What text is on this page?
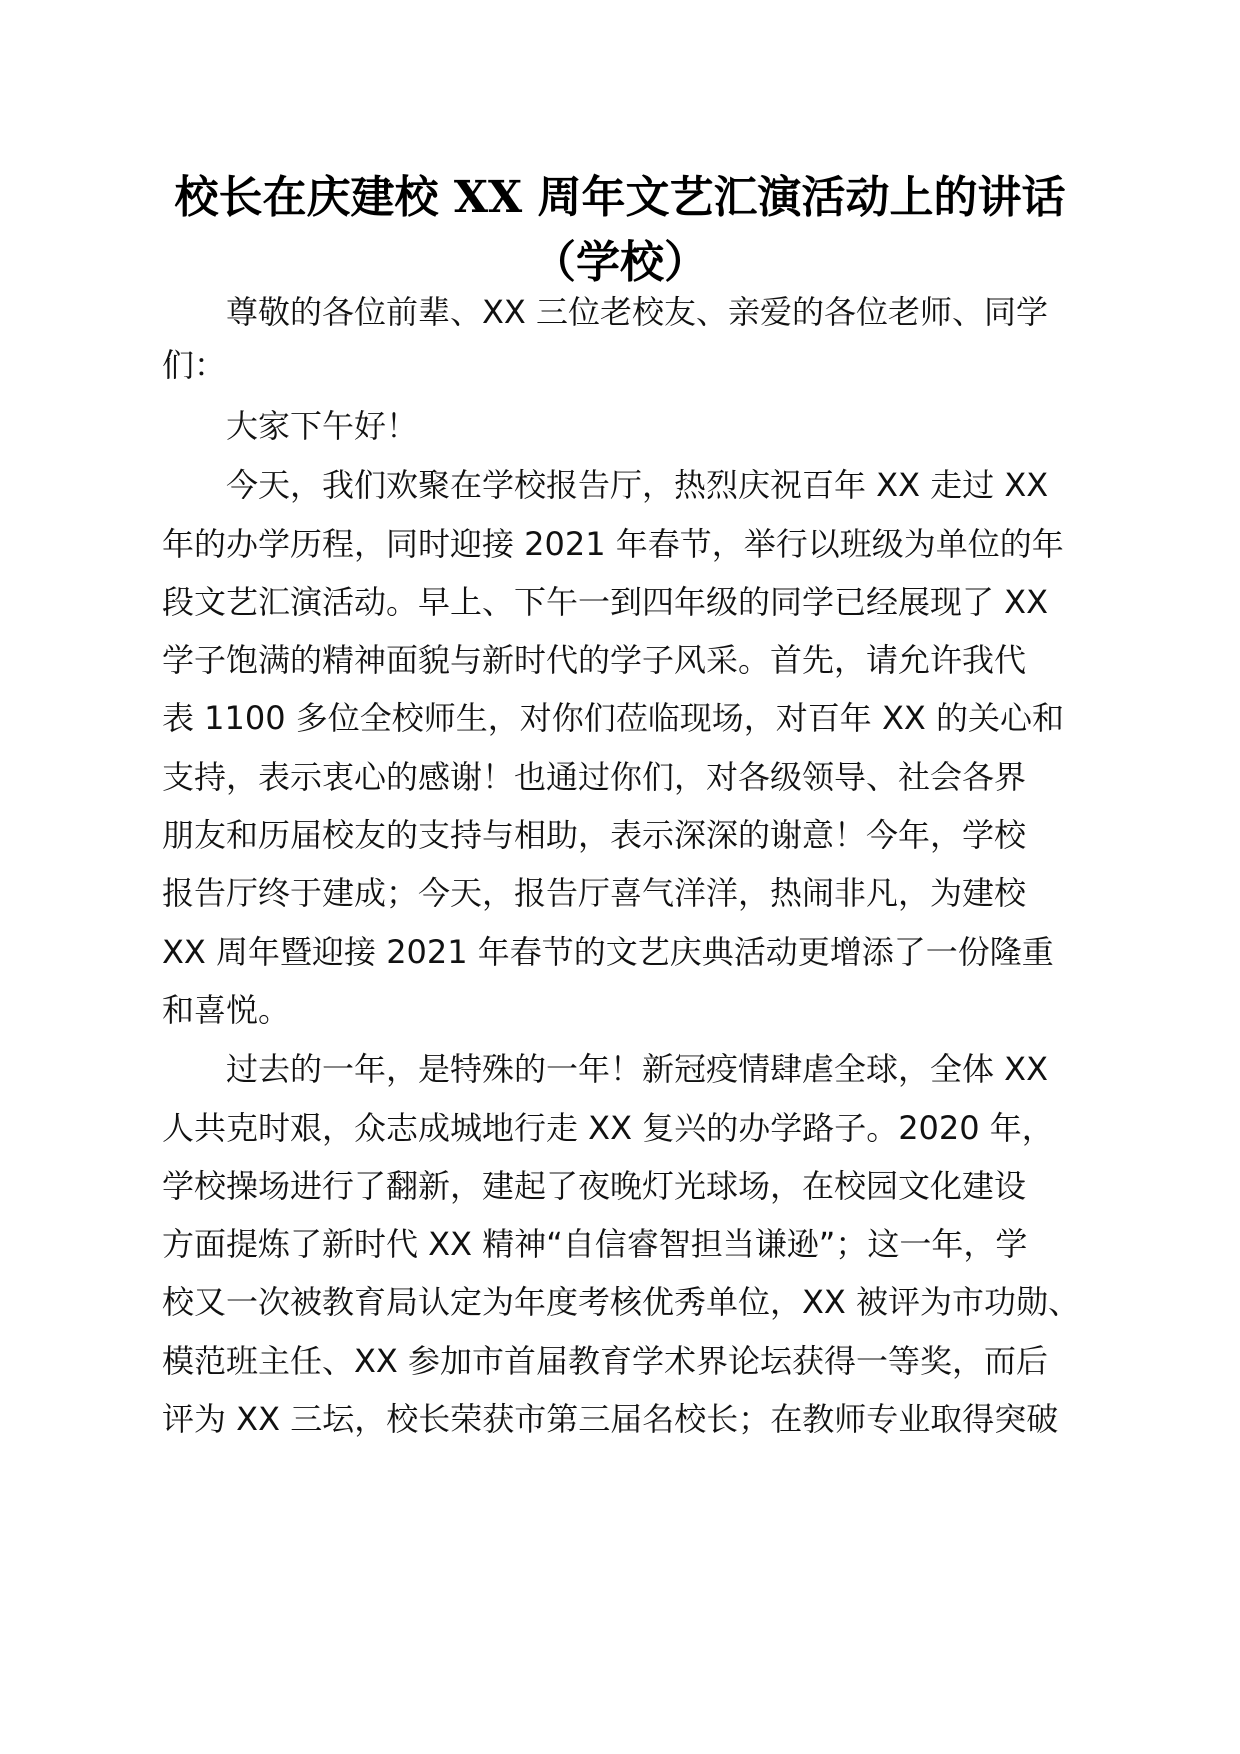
校长在庆建校 XX 周年文艺汇演活动上的讲话
（学校）
尊敬的各位前辈、XX 三位老校友、亲爱的各位老师、同学
们：
大家下午好！
今天，我们欢聚在学校报告厅，热烈庆祝百年 XX 走过 XX
年的办学历程，同时迎接 2021 年春节，举行以班级为单位的年
段文艺汇演活动。早上、下午一到四年级的同学已经展现了 XX
学子饱满的精神面貌与新时代的学子风采。首先，请允许我代
表 1100 多位全校师生，对你们莅临现场，对百年 XX 的关心和
支持，表示衷心的感谢！也通过你们，对各级领导、社会各界
朋友和历届校友的支持与相助，表示深深的谢意！今年，学校
报告厅终于建成；今天，报告厅喜气洋洋，热闹非凡，为建校
XX 周年暨迎接 2021 年春节的文艺庆典活动更增添了一份隆重
和喜悦。
过去的一年，是特殊的一年！新冠疫情肆虐全球，全体 XX
人共克时艰，众志成城地行走 XX 复兴的办学路子。2020 年，
学校操场进行了翻新，建起了夜晚灯光球场，在校园文化建设
方面提炼了新时代 XX 精神“自信睿智担当谦逊”；这一年，学
校又一次被教育局认定为年度考核优秀单位，XX 被评为市功勋、
模范班主任、XX 参加市首届教育学术界论坛获得一等奖，而后
评为 XX 三坛，校长荣获市第三届名校长；在教师专业取得突破
